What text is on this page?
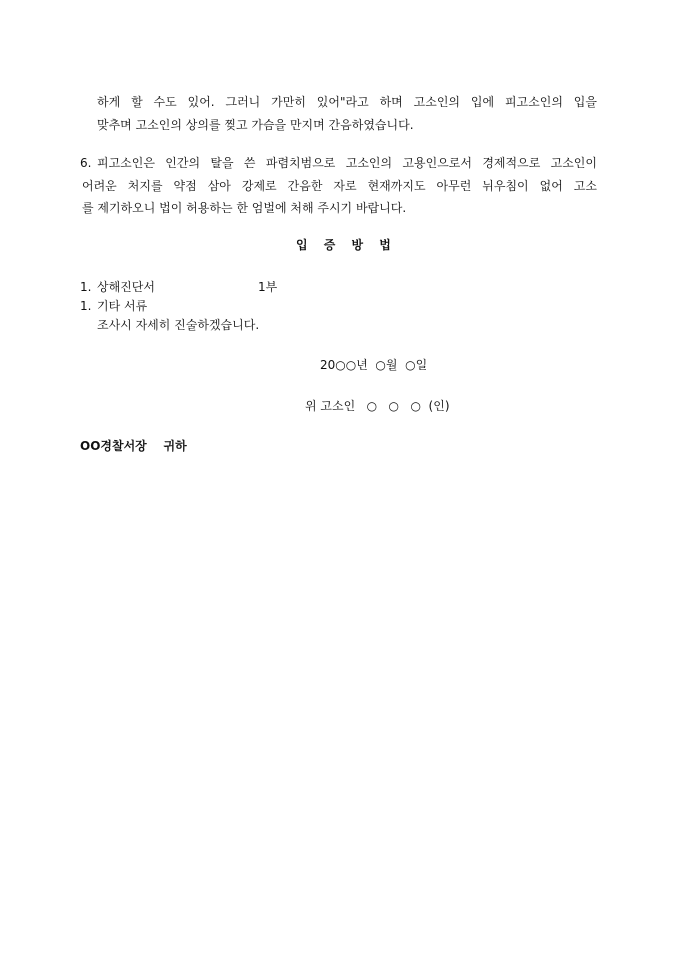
하게 할 수도 있어. 그러니 가만히 있어"라고 하며 고소인의 입에 피고소인의 입을
맞추며 고소인의 상의를 찢고 가슴을 만지며 간음하였습니다.
6. 피고소인은 인간의 탈을 쓴 파렴치범으로 고소인의 고용인으로서 경제적으로 고소인이
어려운 처지를 약점 삼아 강제로 간음한 자로 현재까지도 아무런 뉘우침이 없어 고소
를 제기하오니 법이 허용하는 한 엄벌에 처해 주시기 바랍니다.
입 증 방 법
1. 상해진단서	1부
1. 기타 서류
조사시 자세히 진술하겠습니다.
20○○년  ○월  ○일
위 고소인   ○   ○   ○  (인)
OO경찰서장    귀하
